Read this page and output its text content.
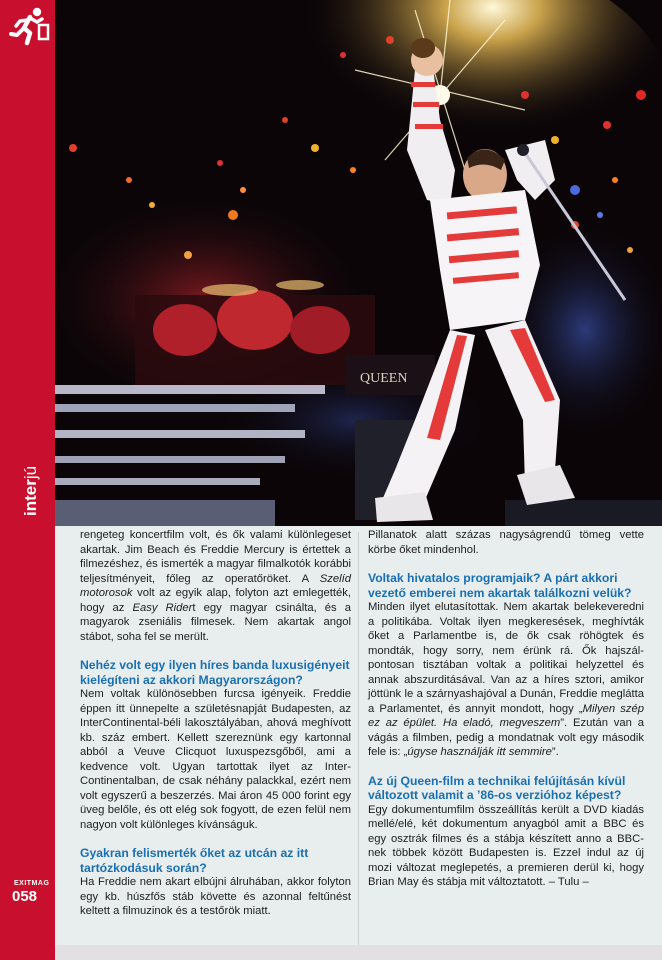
interjú
EXITMAG
058
QUEEN

rengeteg koncertfilm volt, és ők valami különlegeset akartak. Jim Beach és Freddie Mercury is értettek a filmezéshez, és ismerték a magyar filmalkotók korábbi teljesítményeit, főleg az operatőröket. A Szelíd motorosok volt az egyik alap, folyton azt emlegették, hogy az Easy Ridert egy magyar csinálta, és a magyarok zseniális filmesek. Nem akartak angol stábot, soha fel se merült.

Nehéz volt egy ilyen híres banda luxusigényeit kielégíteni az akkori Magyarországon?

Nem voltak különösebben furcsa igényeik. Freddie éppen itt ünnepelte a születésnapját Budapesten, az InterContinental-béli lakosztályában, ahová meghívott kb. száz embert. Kellett szereznünk egy kartonnal abból a Veuve Clicquot luxuspezsgőből, ami a kedvence volt. Ugyan tartottak ilyet az InterContinentalban, de csak néhány palackkal, ezért nem volt egyszerű a beszerzés. Mai áron 45 000 forint egy üveg belőle, és ott elég sok fogyott, de ezen felül nem nagyon volt különleges kívánságuk.

Gyakran felismerték őket az utcán az itt tartózkodásuk során?

Ha Freddie nem akart elbújni álruhában, akkor folyton egy kb. húszfős stáb követte és azonnal feltűnést keltett a filmuzinok és a testőrök miatt.

Pillanatok alatt százas nagyságrendű tömeg vette körbe őket mindenhol.

Voltak hivatalos programjaik? A párt akkori vezető emberei nem akartak találkozni velük?

Minden ilyet elutasítottak. Nem akartak belekeveredni a politikába. Voltak ilyen megkeresések, meghívták őket a Parlamentbe is, de ők csak röhögtek és mondták, hogy sorry, nem érünk rá. Ők hajszálpontosan tisztában voltak a politikai helyzettel és annak abszurditásával. Van az a híres sztori, amikor jöttünk le a szárnyashajóval a Dunán, Freddie meglátta a Parlamentet, és annyit mondott, hogy „Milyen szép ez az épület. Ha eladó, megveszem”. Ezután van a vágás a filmben, pedig a mondatnak volt egy második fele is: „úgyse használják itt semmire”.

Az új Queen-film a technikai felújításán kívül változott valamit a ’86-os verzióhoz képest?

Egy dokumentumfilm összeállítás került a DVD kiadás mellé/elé, két dokumentum anyagból amit a BBC és egy osztrák filmes és a stábja készített anno a BBC-nek többek között Budapesten is. Ezzel indul az új mozi változat meglepetés, a premieren derül ki, hogy Brian May és stábja mit változtatott. – Tulu –
